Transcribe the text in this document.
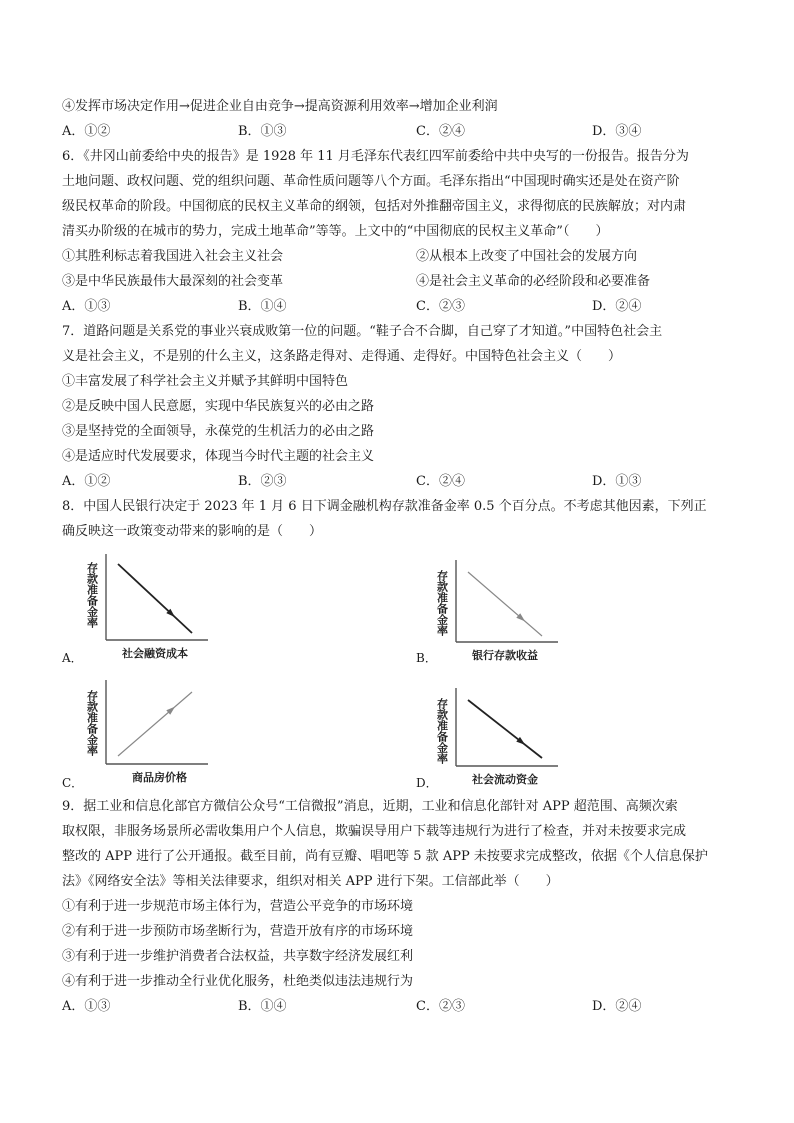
④发挥市场决定作用→促进企业自由竞争→提高资源利用效率→增加企业利润
A．①②	B．①③	C．②④	D．③④
6．《井冈山前委给中央的报告》是 1928 年 11 月毛泽东代表红四军前委给中共中央写的一份报告。报告分为
土地问题、政权问题、党的组织问题、革命性质问题等八个方面。毛泽东指出“中国现时确实还是处在资产阶
级民权革命的阶段。中国彻底的民权主义革命的纲领，包括对外推翻帝国主义，求得彻底的民族解放；对内肃
清买办阶级的在城市的势力，完成土地革命”等等。上文中的“中国彻底的民权主义革命”（　　）
①其胜利标志着我国进入社会主义社会	②从根本上改变了中国社会的发展方向
③是中华民族最伟大最深刻的社会变革	④是社会主义革命的必经阶段和必要准备
A．①③	B．①④	C．②③	D．②④
7．道路问题是关系党的事业兴衰成败第一位的问题。“鞋子合不合脚，自己穿了才知道。”中国特色社会主
义是社会主义，不是别的什么主义，这条路走得对、走得通、走得好。中国特色社会主义（　　）
①丰富发展了科学社会主义并赋予其鲜明中国特色
②是反映中国人民意愿，实现中华民族复兴的必由之路
③是坚持党的全面领导，永葆党的生机活力的必由之路
④是适应时代发展要求，体现当今时代主题的社会主义
A．①②	B．②③	C．②④	D．①③
8．中国人民银行决定于 2023 年 1 月 6 日下调金融机构存款准备金率 0.5 个百分点。不考虑其他因素，下列正
确反映这一政策变动带来的影响的是（　　）
存款准备金率
社会融资成本
A．
存款准备金率
银行存款收益
B．
存款准备金率
商品房价格
C．
存款准备金率
社会流动资金
D．
9．据工业和信息化部官方微信公众号“工信微报”消息，近期，工业和信息化部针对 APP 超范围、高频次索
取权限，非服务场景所必需收集用户个人信息，欺骗误导用户下载等违规行为进行了检查，并对未按要求完成
整改的 APP 进行了公开通报。截至目前，尚有豆瓣、唱吧等 5 款 APP 未按要求完成整改，依据《个人信息保护
法》《网络安全法》等相关法律要求，组织对相关 APP 进行下架。工信部此举（　　）
①有利于进一步规范市场主体行为，营造公平竞争的市场环境
②有利于进一步预防市场垄断行为，营造开放有序的市场环境
③有利于进一步维护消费者合法权益，共享数字经济发展红利
④有利于进一步推动全行业优化服务，杜绝类似违法违规行为
A．①③	B．①④	C．②③	D．②④
